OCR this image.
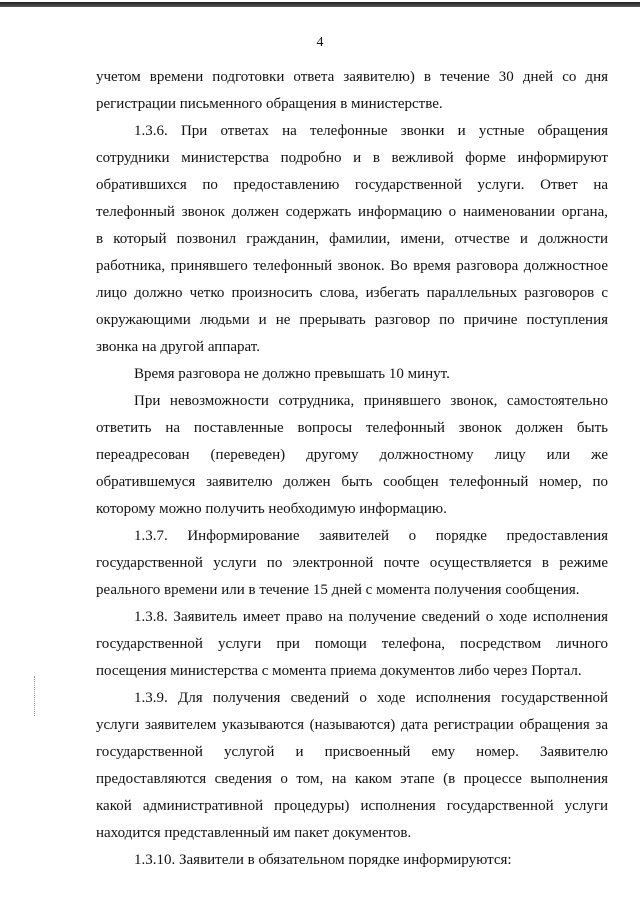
4
учетом времени подготовки ответа заявителю) в течение 30 дней со дня
регистрации письменного обращения в министерстве.
1.3.6. При ответах на телефонные звонки и устные обращения
сотрудники министерства подробно и в вежливой форме информируют
обратившихся по предоставлению государственной услуги. Ответ на
телефонный звонок должен содержать информацию о наименовании органа,
в который позвонил гражданин, фамилии, имени, отчестве и должности
работника, принявшего телефонный звонок. Во время разговора должностное
лицо должно четко произносить слова, избегать параллельных разговоров с
окружающими людьми и не прерывать разговор по причине поступления
звонка на другой аппарат.
Время разговора не должно превышать 10 минут.
При невозможности сотрудника, принявшего звонок, самостоятельно
ответить на поставленные вопросы телефонный звонок должен быть
переадресован (переведен) другому должностному лицу или же
обратившемуся заявителю должен быть сообщен телефонный номер, по
которому можно получить необходимую информацию.
1.3.7. Информирование заявителей о порядке предоставления
государственной услуги по электронной почте осуществляется в режиме
реального времени или в течение 15 дней с момента получения сообщения.
1.3.8. Заявитель имеет право на получение сведений о ходе исполнения
государственной услуги при помощи телефона, посредством личного
посещения министерства с момента приема документов либо через Портал.
1.3.9. Для получения сведений о ходе исполнения государственной
услуги заявителем указываются (называются) дата регистрации обращения за
государственной услугой и присвоенный ему номер. Заявителю
предоставляются сведения о том, на каком этапе (в процессе выполнения
какой административной процедуры) исполнения государственной услуги
находится представленный им пакет документов.
1.3.10. Заявители в обязательном порядке информируются:
